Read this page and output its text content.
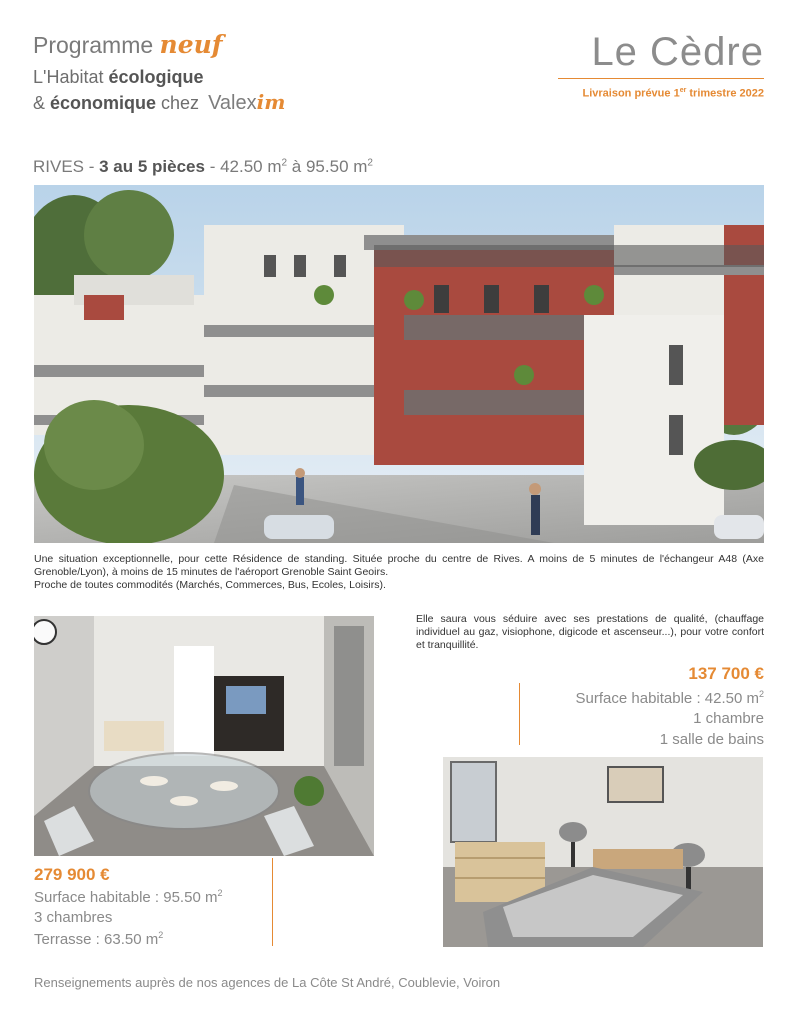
Programme neuf
L'Habitat écologique
& économique chez Valexim
Le Cèdre
Livraison prévue 1er trimestre 2022
RIVES - 3 au 5 pièces - 42.50 $m^2$ à 95.50 $m^2$
Une situation exceptionnelle, pour cette Résidence de standing. Située proche du centre de Rives. A moins de 5 minutes de l'échangeur A48 (Axe Grenoble/Lyon), à moins de 15 minutes de l'aéroport Grenoble Saint Geoirs.
Proche de toutes commodités (Marchés, Commerces, Bus, Ecoles, Loisirs).
Elle saura vous séduire avec ses prestations de qualité, (chauffage individuel au gaz, visiophone, digicode et ascenseur...), pour votre confort et tranquillité.
137 700 €
Surface habitable : 42.50 $m^2$
1 chambre
1 salle de bains
279 900 €
Surface habitable : 95.50 $m^2$
3 chambres
Terrasse : 63.50 $m^2$
Renseignements auprès de nos agences de La Côte St André, Coublevie, Voiron
